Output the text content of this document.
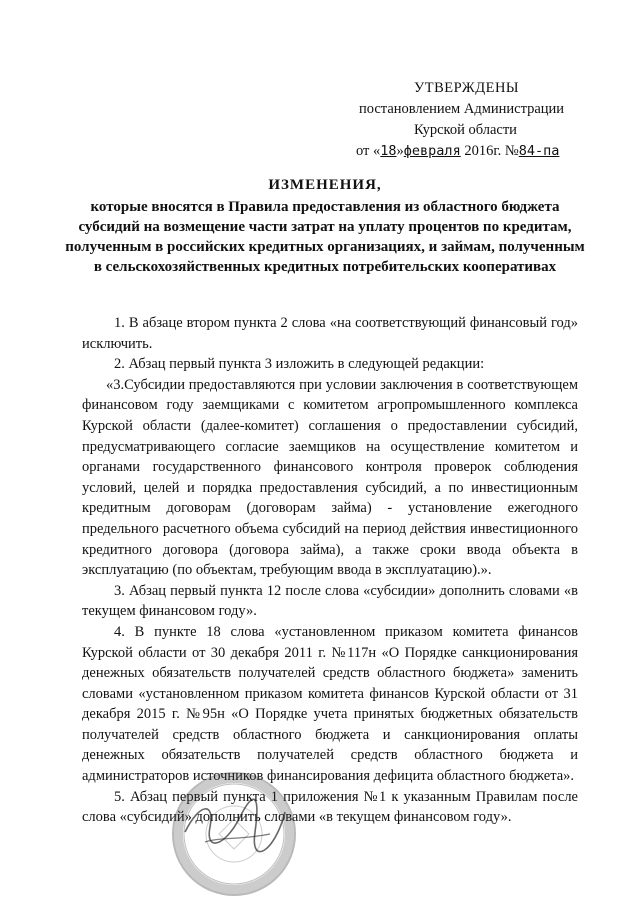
УТВЕРЖДЕНЫ
постановлением Администрации
Курской области
от «18»февраля 2016г. №84-па
ИЗМЕНЕНИЯ,
которые вносятся в Правила предоставления из областного бюджета субсидий на возмещение части затрат на уплату процентов по кредитам, полученным в российских кредитных организациях, и займам, полученным в сельскохозяйственных кредитных потребительских кооперативах

1. В абзаце втором пункта 2 слова «на соответствующий финансовый год» исключить.

2. Абзац первый пункта 3 изложить в следующей редакции:

«3.Субсидии предоставляются при условии заключения в соответствующем финансовом году заемщиками с комитетом агропромышленного комплекса Курской области (далее-комитет) соглашения о предоставлении субсидий, предусматривающего согласие заемщиков на осуществление комитетом и органами государственного финансового контроля проверок соблюдения условий, целей и порядка предоставления субсидий, а по инвестиционным кредитным договорам (договорам займа) - установление ежегодного предельного расчетного объема субсидий на период действия инвестиционного кредитного договора (договора займа), а также сроки ввода объекта в эксплуатацию (по объектам, требующим ввода в эксплуатацию).».

3. Абзац первый пункта 12 после слова «субсидии» дополнить словами «в текущем финансовом году».

4. В пункте 18 слова «установленном приказом комитета финансов Курской области от 30 декабря 2011 г. №117н «О Порядке санкционирования денежных обязательств получателей средств областного бюджета» заменить словами «установленном приказом комитета финансов Курской области от 31 декабря 2015 г. №95н «О Порядке учета принятых бюджетных обязательств получателей средств областного бюджета и санкционирования оплаты денежных обязательств получателей средств областного бюджета и администраторов источников финансирования дефицита областного бюджета».

5. Абзац первый пункта 1 приложения №1 к указанным Правилам после слова «субсидий» дополнить словами «в текущем финансовом году».
